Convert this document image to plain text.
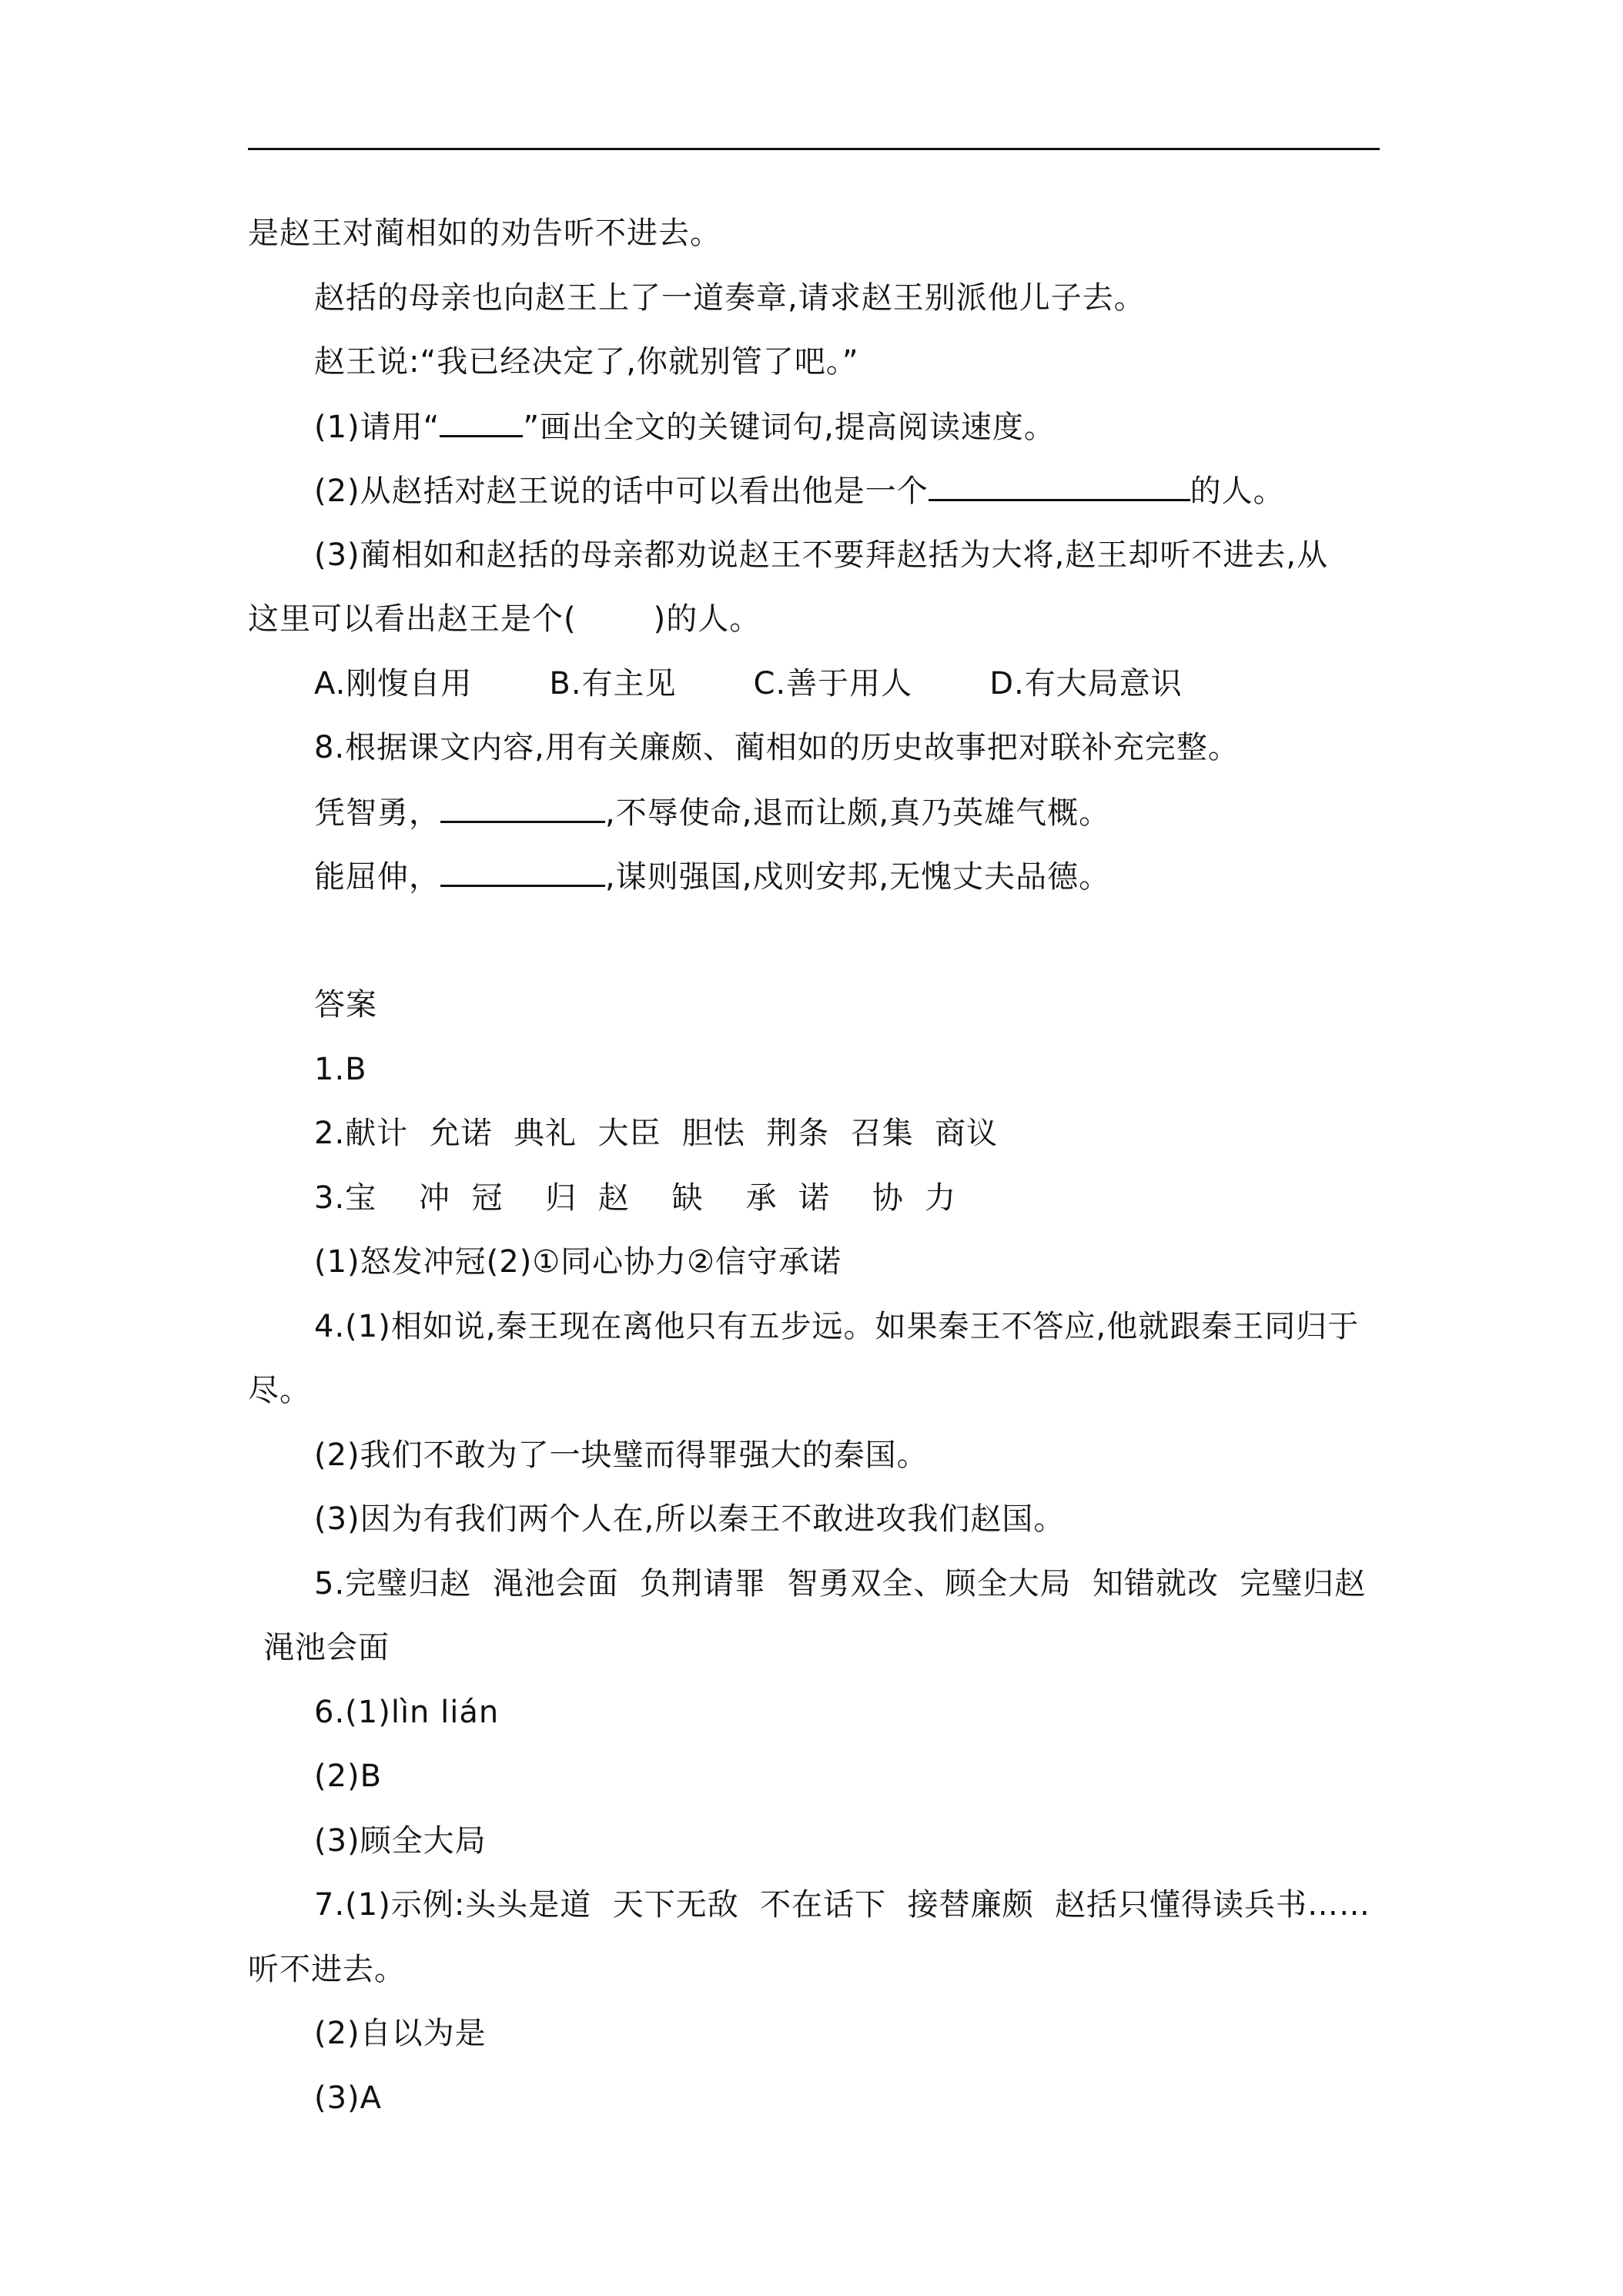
是赵王对蔺相如的劝告听不进去。
赵括的母亲也向赵王上了一道奏章,请求赵王别派他儿子去。
赵王说:“我已经决定了,你就别管了吧。”
(1)请用“	”画出全文的关键词句,提高阅读速度。
(2)从赵括对赵王说的话中可以看出他是一个	的人。
(3)蔺相如和赵括的母亲都劝说赵王不要拜赵括为大将,赵王却听不进去,从
这里可以看出赵王是个(	)的人。
A.刚愎自用	B.有主见	C.善于用人	D.有大局意识
8.根据课文内容,用有关廉颇、蔺相如的历史故事把对联补充完整。
凭智勇，	,不辱使命,退而让颇,真乃英雄气概。
能屈伸，	,谋则强国,戍则安邦,无愧丈夫品德。
答案
1.B
2.献计  允诺  典礼  大臣  胆怯  荆条  召集  商议
3.宝    冲  冠    归  赵    缺    承  诺    协  力
(1)怒发冲冠(2)①同心协力②信守承诺
4.(1)相如说,秦王现在离他只有五步远。如果秦王不答应,他就跟秦王同归于
尽。
(2)我们不敢为了一块璧而得罪强大的秦国。
(3)因为有我们两个人在,所以秦王不敢进攻我们赵国。
5.完璧归赵  渑池会面  负荆请罪  智勇双全、顾全大局  知错就改  完璧归赵
渑池会面
6.(1)lìn lián
(2)B
(3)顾全大局
7.(1)示例:头头是道  天下无敌  不在话下  接替廉颇  赵括只懂得读兵书……
听不进去。
(2)自以为是
(3)A
